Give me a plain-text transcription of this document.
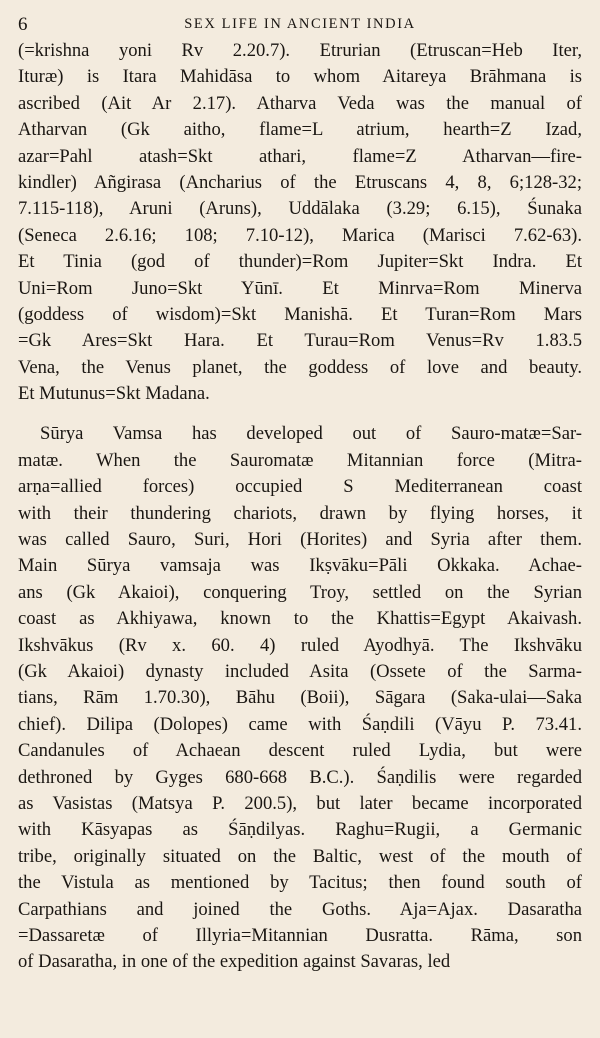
6	SEX LIFE IN ANCIENT INDIA
(=krishna yoni Rv 2.20.7). Etrurian (Etruscan=Heb Iter,
Ituræ) is Itara Mahidāsa to whom Aitareya Brāhmana is
ascribed (Ait Ar 2.17). Atharva Veda was the manual of
Atharvan (Gk aitho, flame=L atrium, hearth=Z Izad,
azar=Pahl atash=Skt athari, flame=Z Atharvan—fire-
kindler) Añgirasa (Ancharius of the Etruscans 4, 8, 6;128-32;
7.115-118), Aruni (Aruns), Uddālaka (3.29; 6.15), Śunaka
(Seneca 2.6.16; 108; 7.10-12), Marica (Marisci 7.62-63).
Et Tinia (god of thunder)=Rom Jupiter=Skt Indra. Et
Uni=Rom Juno=Skt Yūnī. Et Minrva=Rom Minerva
(goddess of wisdom)=Skt Manishā. Et Turan=Rom Mars
=Gk Ares=Skt Hara. Et Turau=Rom Venus=Rv 1.83.5
Vena, the Venus planet, the goddess of love and beauty.
Et Mutunus=Skt Madana.
Sūrya Vamsa has developed out of Sauro-matæ=Sar-
matæ. When the Sauromatæ Mitannian force (Mitra-
arṇa=allied forces) occupied S Mediterranean coast
with their thundering chariots, drawn by flying horses, it
was called Sauro, Suri, Hori (Horites) and Syria after them.
Main Sūrya vamsaja was Ikṣvāku=Pāli Okkaka. Achae-
ans (Gk Akaioi), conquering Troy, settled on the Syrian
coast as Akhiyawa, known to the Khattis=Egypt Akaivash.
Ikshvākus (Rv x. 60. 4) ruled Ayodhyā. The Ikshvāku
(Gk Akaioi) dynasty included Asita (Ossete of the Sarma-
tians, Rām 1.70.30), Bāhu (Boii), Sāgara (Saka-ulai—Saka
chief). Dilipa (Dolopes) came with Śaṇdili (Vāyu P. 73.41.
Candanules of Achaean descent ruled Lydia, but were
dethroned by Gyges 680-668 B.C.). Śaṇdilis were regarded
as Vasistas (Matsya P. 200.5), but later became incorporated
with Kāsyapas as Śāṇdilyas. Raghu=Rugii, a Germanic
tribe, originally situated on the Baltic, west of the mouth of
the Vistula as mentioned by Tacitus; then found south of
Carpathians and joined the Goths. Aja=Ajax. Dasaratha
=Dassaretæ of Illyria=Mitannian Dusratta. Rāma, son
of Dasaratha, in one of the expedition against Savaras, led
